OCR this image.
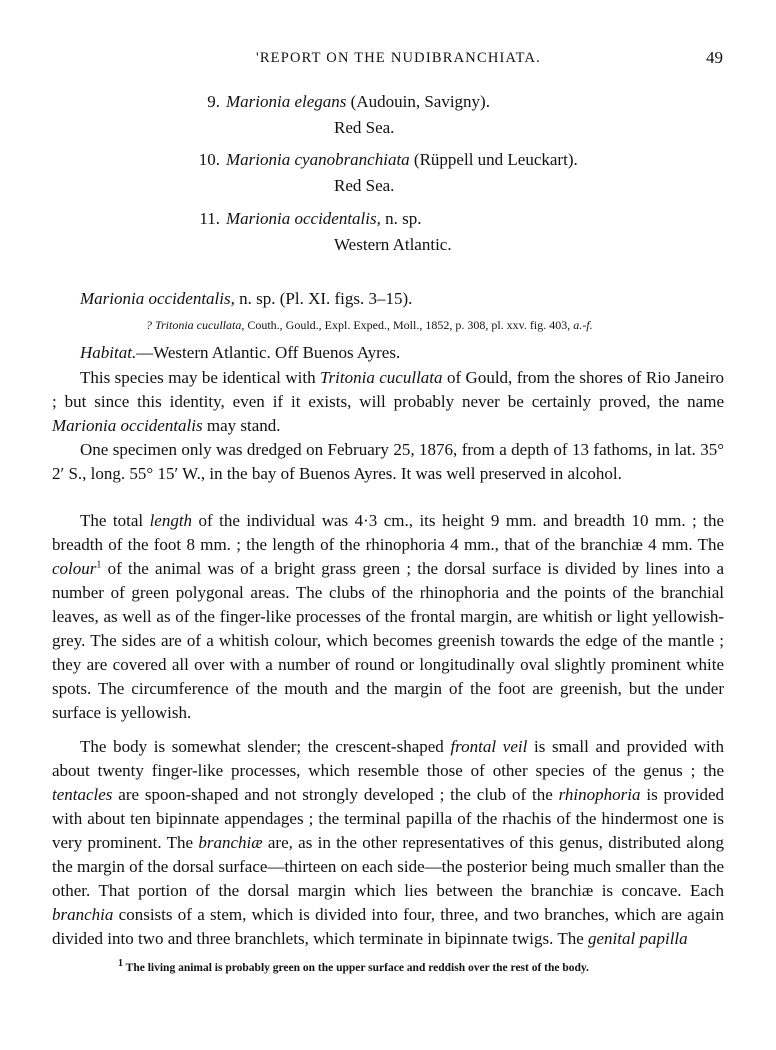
'REPORT ON THE NUDIBRANCHIATA.	49
9. Marionia elegans (Audouin, Savigny).
Red Sea.
10. Marionia cyanobranchiata (Rüppell und Leuckart).
Red Sea.
11. Marionia occidentalis, n. sp.
Western Atlantic.
Marionia occidentalis, n. sp. (Pl. XI. figs. 3–15).
? Tritonia cucullata, Couth., Gould., Expl. Exped., Moll., 1852, p. 308, pl. xxv. fig. 403, a.-f.
Habitat.—Western Atlantic. Off Buenos Ayres.
This species may be identical with Tritonia cucullata of Gould, from the shores of Rio Janeiro ; but since this identity, even if it exists, will probably never be certainly proved, the name Marionia occidentalis may stand.
One specimen only was dredged on February 25, 1876, from a depth of 13 fathoms, in lat. 35° 2′ S., long. 55° 15′ W., in the bay of Buenos Ayres. It was well preserved in alcohol.
The total length of the individual was 4·3 cm., its height 9 mm. and breadth 10 mm. ; the breadth of the foot 8 mm. ; the length of the rhinophoria 4 mm., that of the branchiæ 4 mm. The colour$^1$ of the animal was of a bright grass green ; the dorsal surface is divided by lines into a number of green polygonal areas. The clubs of the rhinophoria and the points of the branchial leaves, as well as of the finger-like processes of the frontal margin, are whitish or light yellowish-grey. The sides are of a whitish colour, which becomes greenish towards the edge of the mantle ; they are covered all over with a number of round or longitudinally oval slightly prominent white spots. The circumference of the mouth and the margin of the foot are greenish, but the under surface is yellowish.
The body is somewhat slender; the crescent-shaped frontal veil is small and provided with about twenty finger-like processes, which resemble those of other species of the genus ; the tentacles are spoon-shaped and not strongly developed ; the club of the rhinophoria is provided with about ten bipinnate appendages ; the terminal papilla of the rhachis of the hindermost one is very prominent. The branchiæ are, as in the other representatives of this genus, distributed along the margin of the dorsal surface—thirteen on each side—the posterior being much smaller than the other. That portion of the dorsal margin which lies between the branchiæ is concave. Each branchia consists of a stem, which is divided into four, three, and two branches, which are again divided into two and three branchlets, which terminate in bipinnate twigs. The genital papilla
$^1$ The living animal is probably green on the upper surface and reddish over the rest of the body.
